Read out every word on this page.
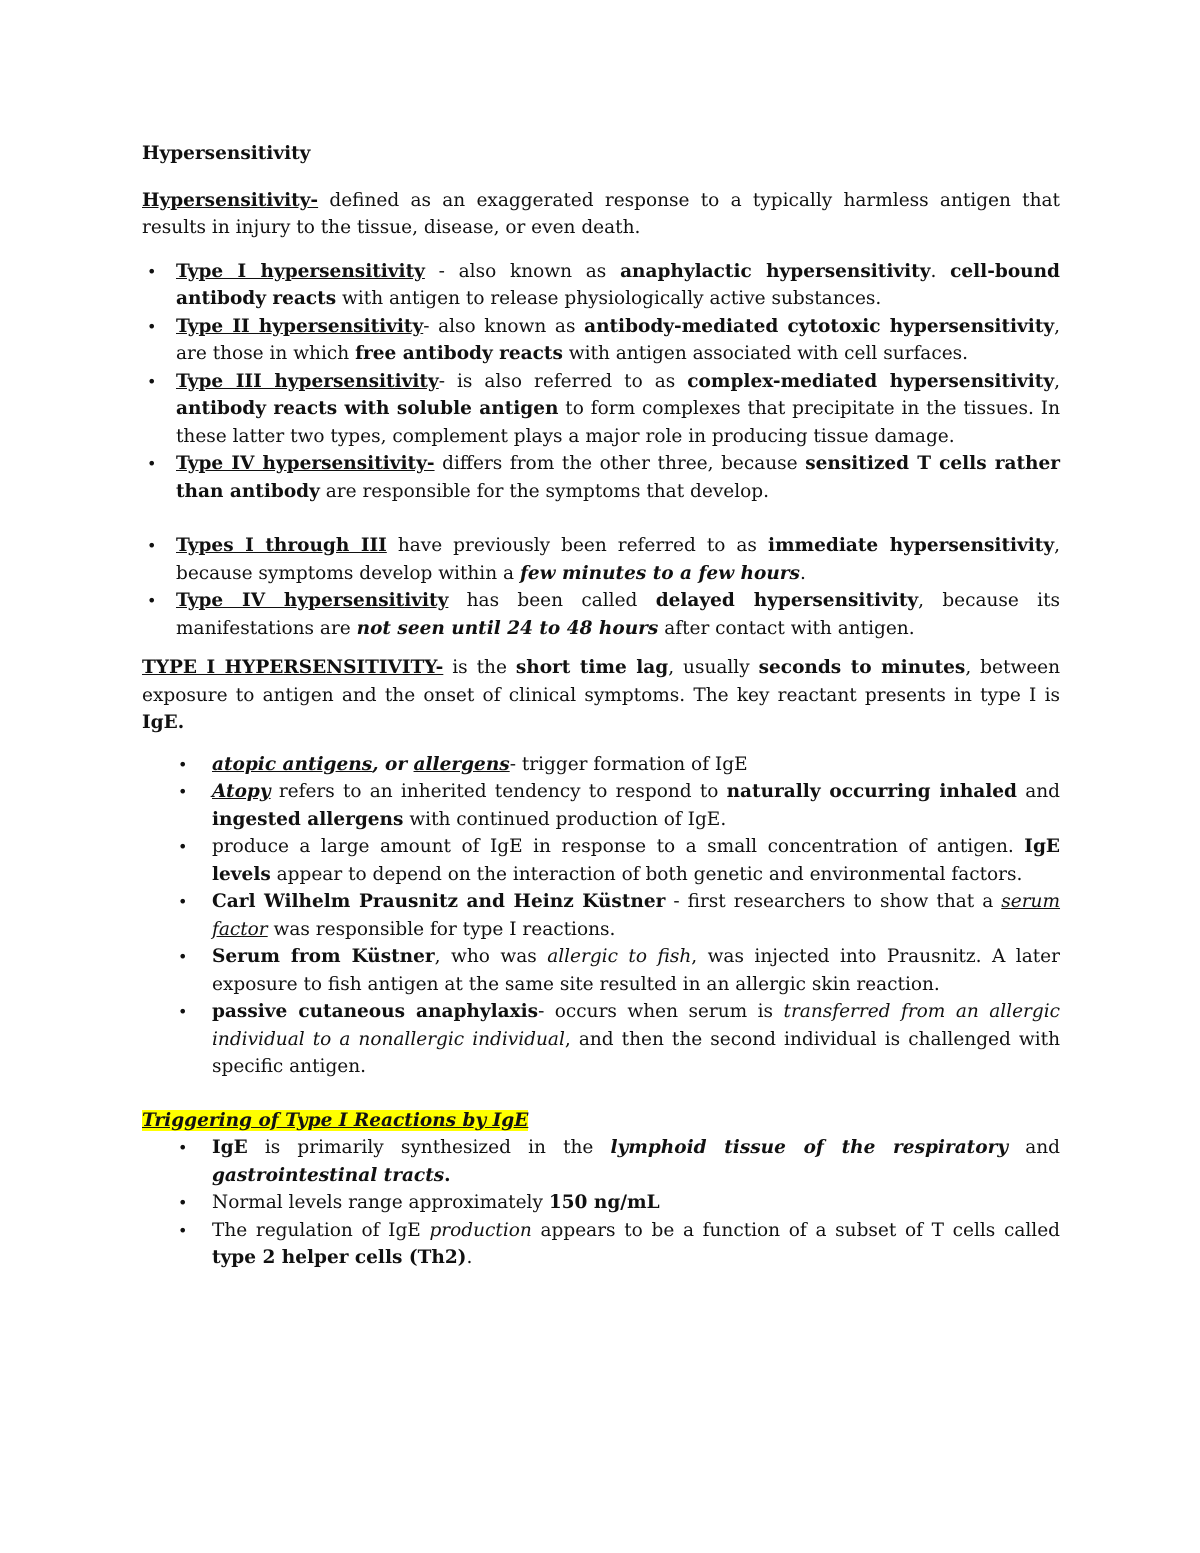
Hypersensitivity

Hypersensitivity- defined as an exaggerated response to a typically harmless antigen that results in injury to the tissue, disease, or even death.

• Type I hypersensitivity - also known as anaphylactic hypersensitivity. cell-bound antibody reacts with antigen to release physiologically active substances.
• Type II hypersensitivity- also known as antibody-mediated cytotoxic hypersensitivity, are those in which free antibody reacts with antigen associated with cell surfaces.
• Type III hypersensitivity- is also referred to as complex-mediated hypersensitivity, antibody reacts with soluble antigen to form complexes that precipitate in the tissues. In these latter two types, complement plays a major role in producing tissue damage.
• Type IV hypersensitivity- differs from the other three, because sensitized T cells rather than antibody are responsible for the symptoms that develop.
• Types I through III have previously been referred to as immediate hypersensitivity, because symptoms develop within a few minutes to a few hours.
• Type IV hypersensitivity has been called delayed hypersensitivity, because its manifestations are not seen until 24 to 48 hours after contact with antigen.

TYPE I HYPERSENSITIVITY- is the short time lag, usually seconds to minutes, between exposure to antigen and the onset of clinical symptoms. The key reactant presents in type I is IgE.

• atopic antigens, or allergens- trigger formation of IgE
• Atopy refers to an inherited tendency to respond to naturally occurring inhaled and ingested allergens with continued production of IgE.
• produce a large amount of IgE in response to a small concentration of antigen. IgE levels appear to depend on the interaction of both genetic and environmental factors.
• Carl Wilhelm Prausnitz and Heinz Küstner - first researchers to show that a serum factor was responsible for type I reactions.
• Serum from Küstner, who was allergic to fish, was injected into Prausnitz. A later exposure to fish antigen at the same site resulted in an allergic skin reaction.
• passive cutaneous anaphylaxis- occurs when serum is transferred from an allergic individual to a nonallergic individual, and then the second individual is challenged with specific antigen.

Triggering of Type I Reactions by IgE

• IgE is primarily synthesized in the lymphoid tissue of the respiratory and gastrointestinal tracts.
• Normal levels range approximately 150 ng/mL
• The regulation of IgE production appears to be a function of a subset of T cells called type 2 helper cells (Th2).
